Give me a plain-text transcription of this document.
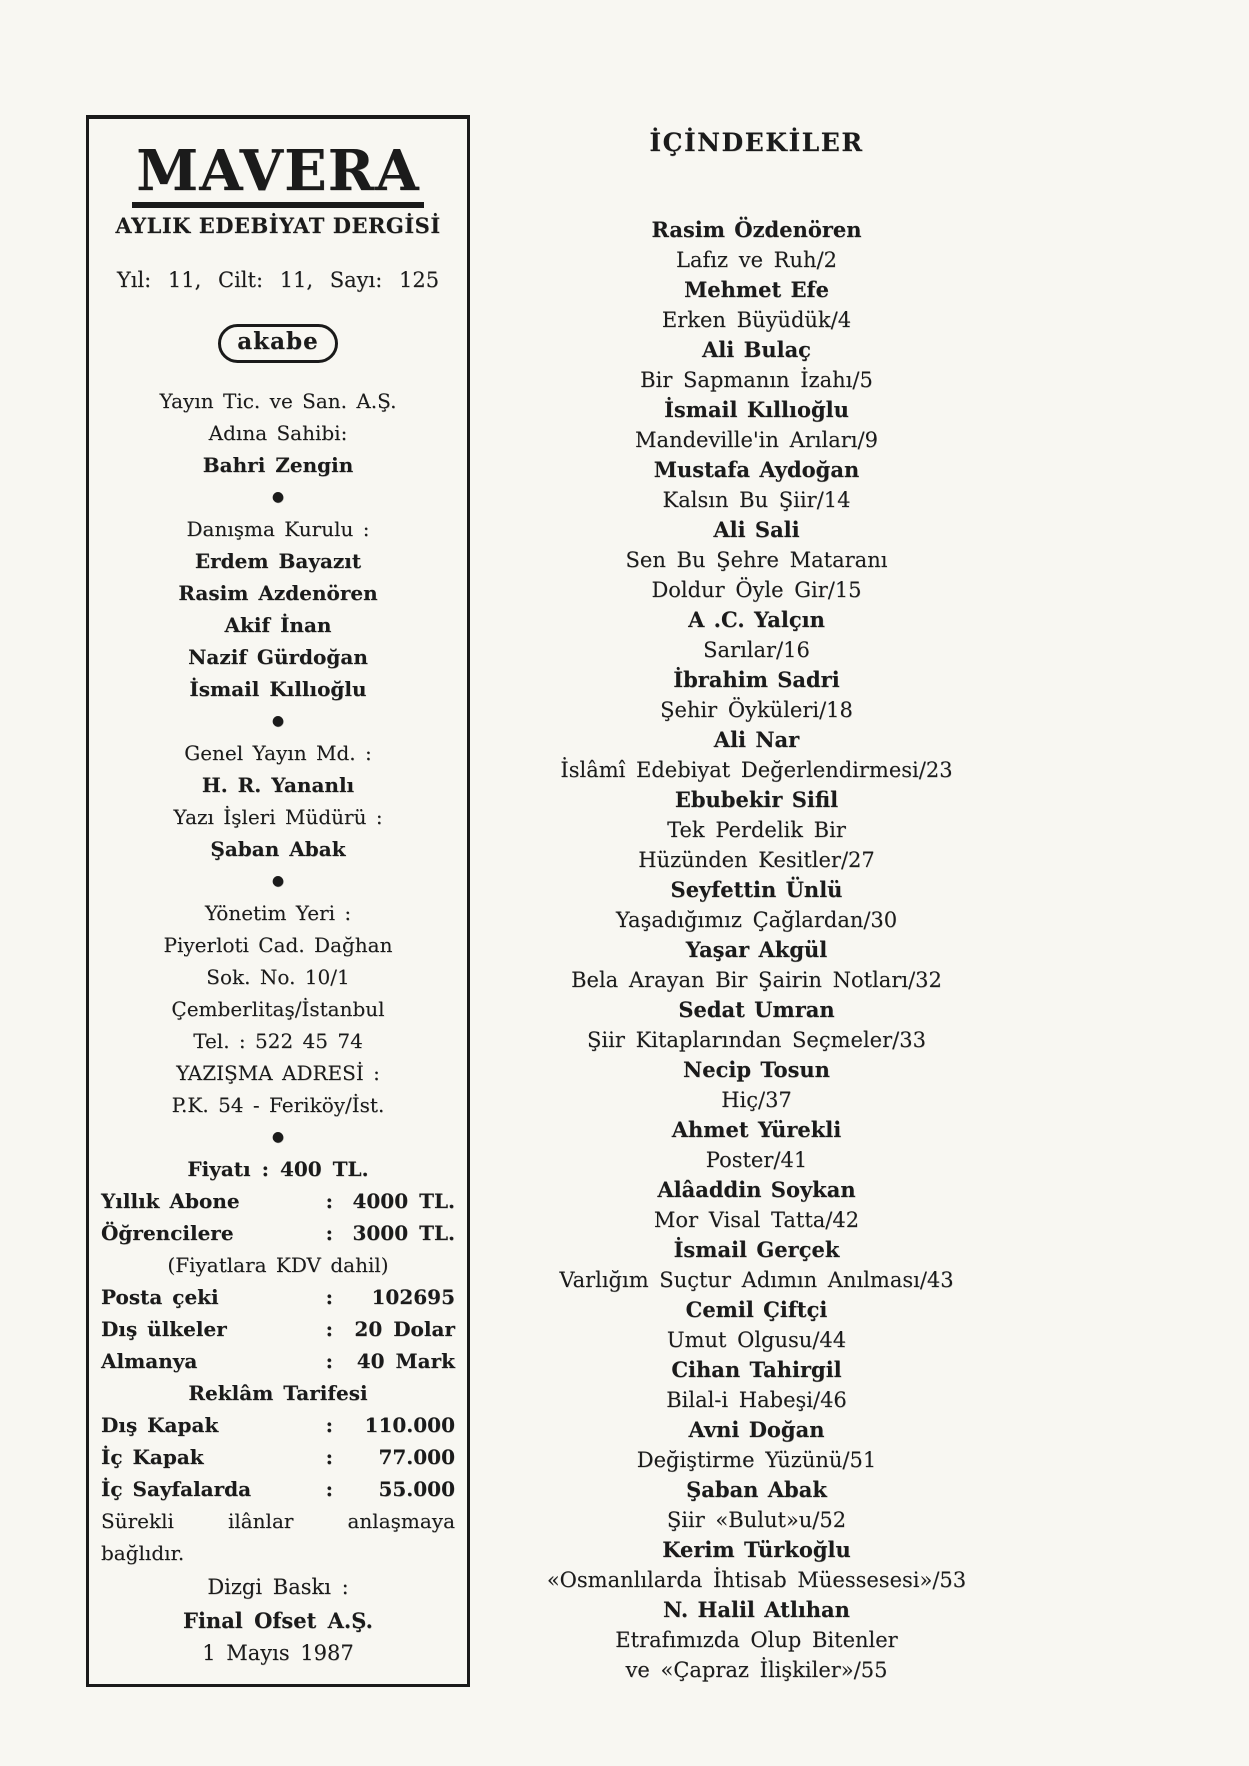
MAVERA
AYLIK EDEBİYAT DERGİSİ
Yıl: 11, Cilt: 11, Sayı: 125
akabe
Yayın Tic. ve San. A.Ş.
Adına Sahibi:
Bahri Zengin
●
Danışma Kurulu :
Erdem Bayazıt
Rasim Azdenören
Akif İnan
Nazif Gürdoğan
İsmail Kıllıoğlu
●
Genel Yayın Md. :
H. R. Yananlı
Yazı İşleri Müdürü :
Şaban Abak
●
Yönetim Yeri :
Piyerloti Cad. Dağhan
Sok. No. 10/1
Çemberlitaş/İstanbul
Tel. : 522 45 74
YAZIŞMA ADRESİ :
P.K. 54 - Feriköy/İst.
●
Fiyatı : 400 TL.
Yıllık Abone	: 4000 TL.
Öğrencilere	: 3000 TL.
(Fiyatlara KDV dahil)
Posta çeki	:	102695
Dış ülkeler	:	20 Dolar
Almanya	:	40 Mark
Reklâm Tarifesi
Dış Kapak	:	110.000
İç Kapak	:	77.000
İç Sayfalarda	:	55.000
Sürekli ilânlar anlaşmaya
bağlıdır.
Dizgi Baskı :
Final Ofset A.Ş.
1 Mayıs 1987
İÇİNDEKİLER
Rasim Özdenören
Lafız ve Ruh/2
Mehmet Efe
Erken Büyüdük/4
Ali Bulaç
Bir Sapmanın İzahı/5
İsmail Kıllıoğlu
Mandeville'in Arıları/9
Mustafa Aydoğan
Kalsın Bu Şiir/14
Ali Sali
Sen Bu Şehre Mataranı
Doldur Öyle Gir/15
A .C. Yalçın
Sarılar/16
İbrahim Sadri
Şehir Öyküleri/18
Ali Nar
İslâmî Edebiyat Değerlendirmesi/23
Ebubekir Sifil
Tek Perdelik Bir
Hüzünden Kesitler/27
Seyfettin Ünlü
Yaşadığımız Çağlardan/30
Yaşar Akgül
Bela Arayan Bir Şairin Notları/32
Sedat Umran
Şiir Kitaplarından Seçmeler/33
Necip Tosun
Hiç/37
Ahmet Yürekli
Poster/41
Alâaddin Soykan
Mor Visal Tatta/42
İsmail Gerçek
Varlığım Suçtur Adımın Anılması/43
Cemil Çiftçi
Umut Olgusu/44
Cihan Tahirgil
Bilal-i Habeşi/46
Avni Doğan
Değiştirme Yüzünü/51
Şaban Abak
Şiir «Bulut»u/52
Kerim Türkoğlu
«Osmanlılarda İhtisab Müessesesi»/53
N. Halil Atlıhan
Etrafımızda Olup Bitenler
ve «Çapraz İlişkiler»/55
